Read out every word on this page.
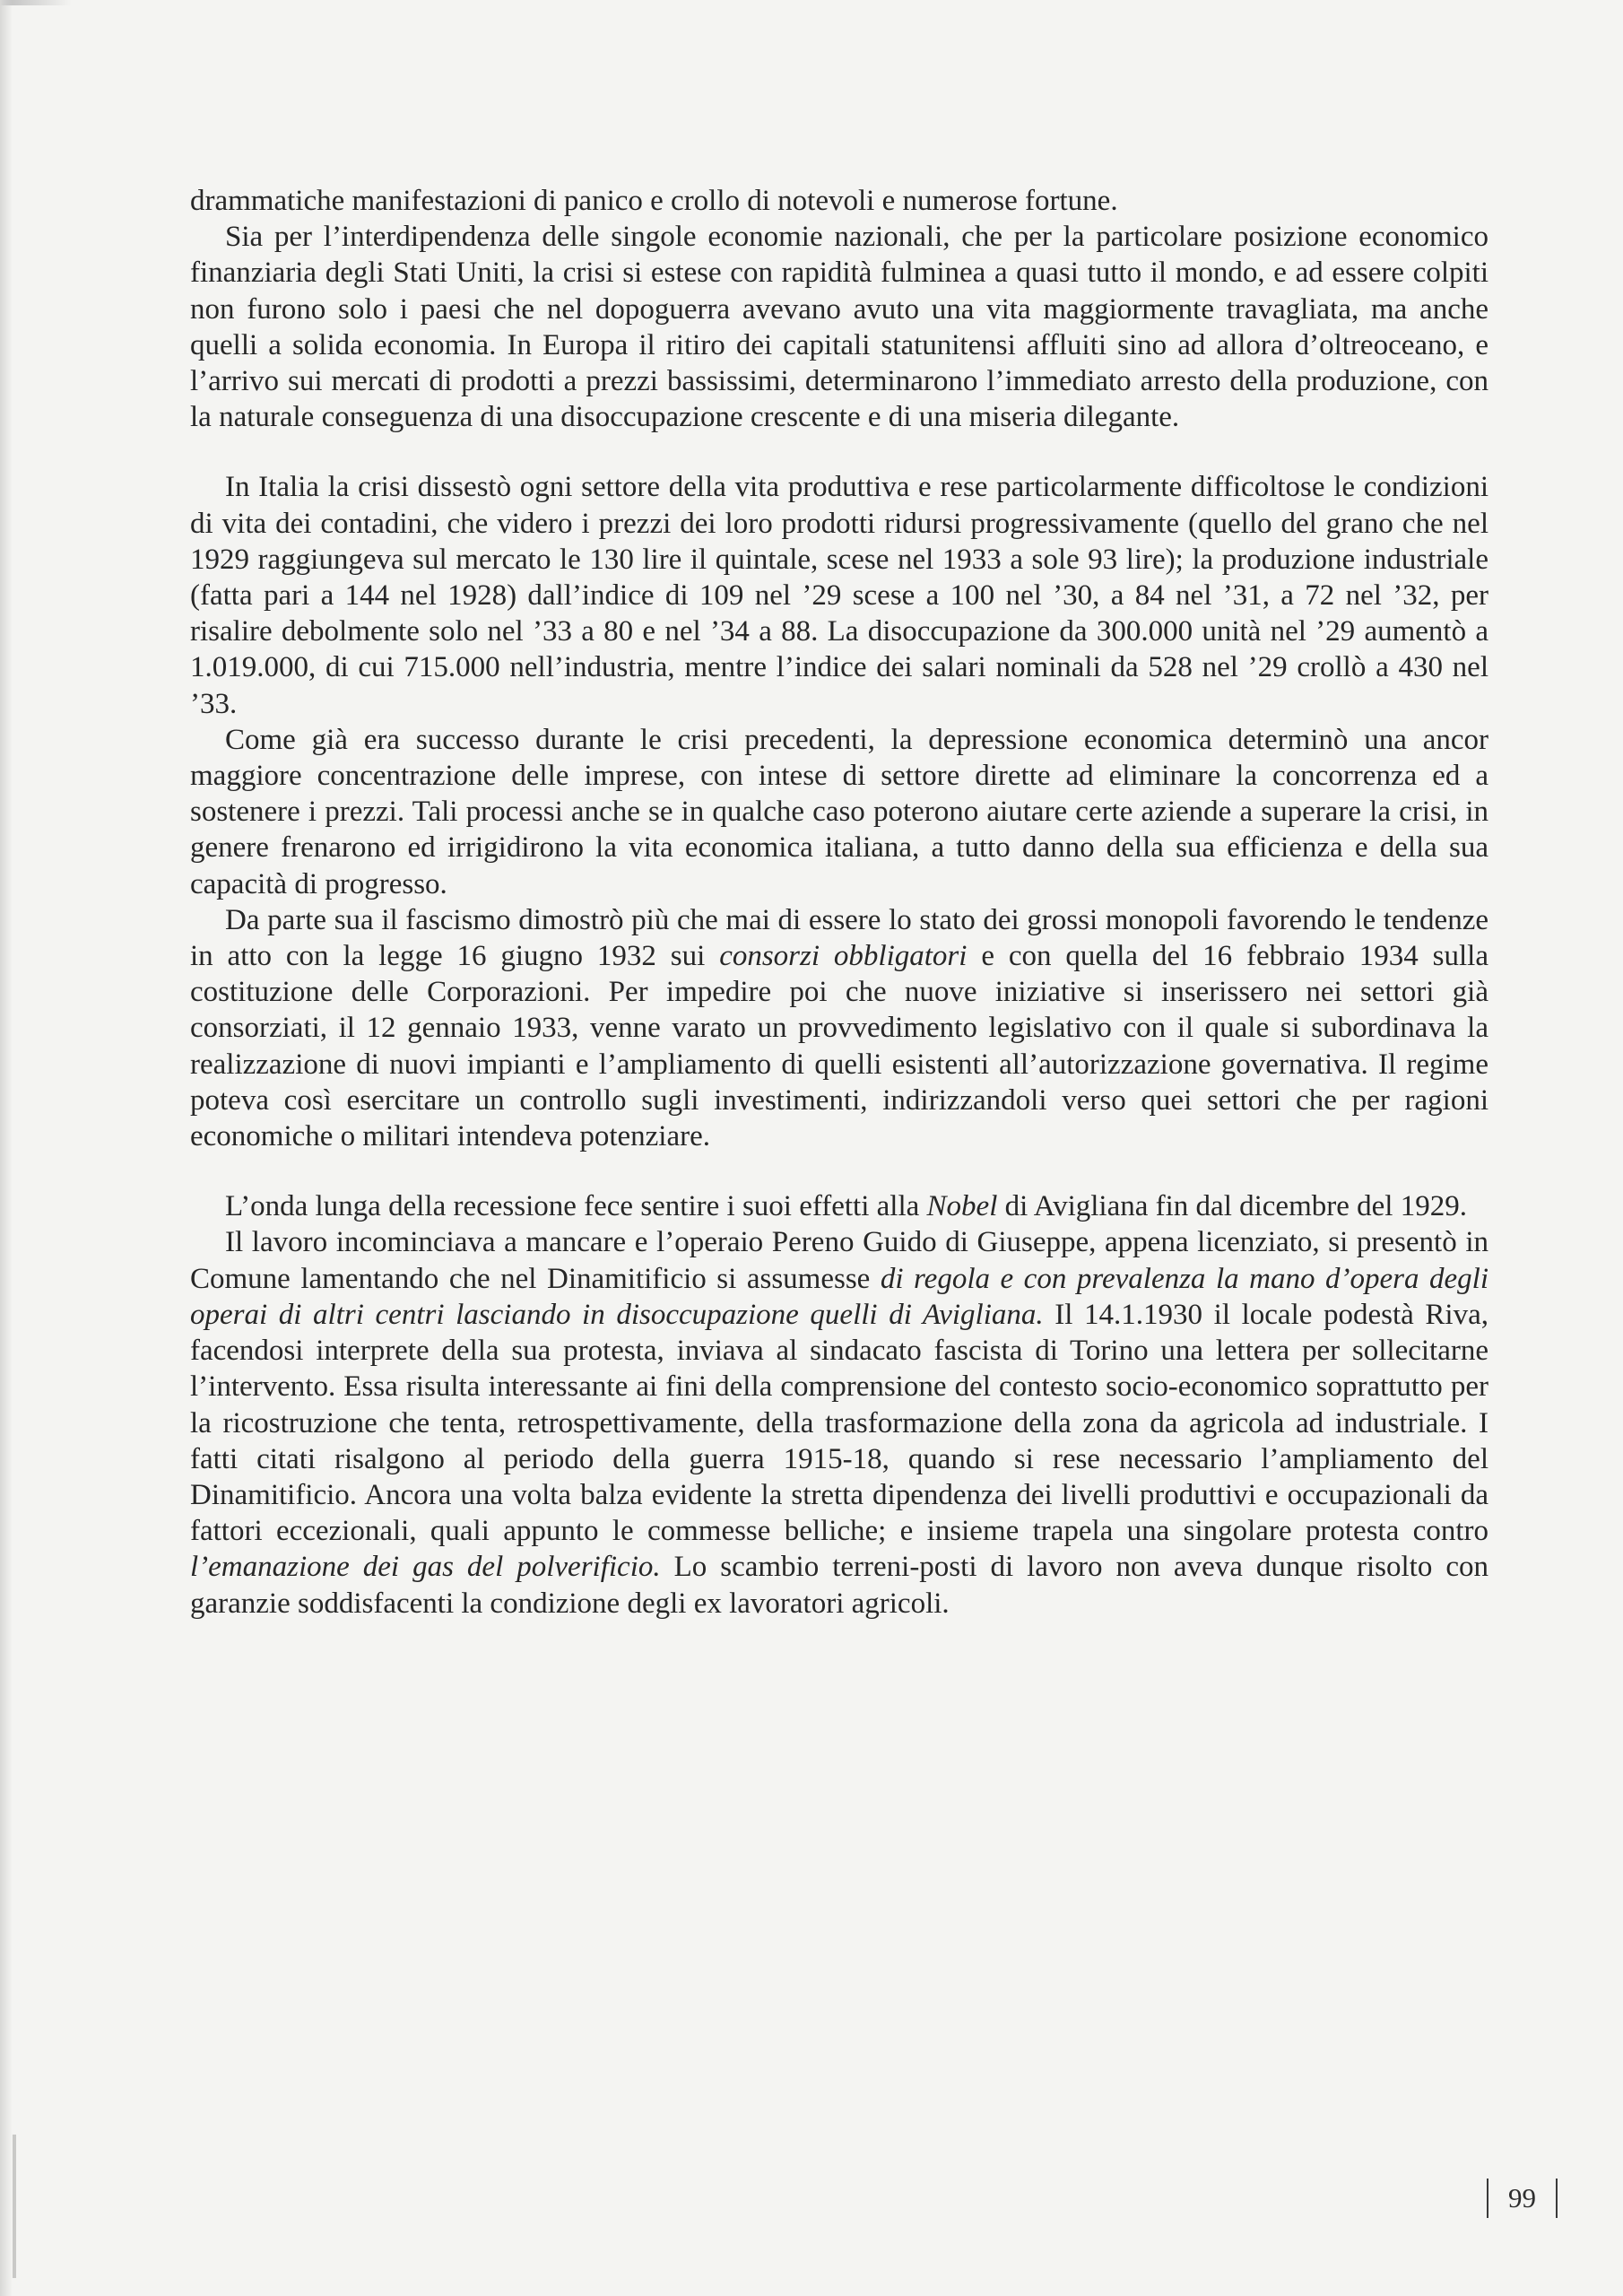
drammatiche manifestazioni di panico e crollo di notevoli e numerose fortune.

Sia per l’interdipendenza delle singole economie nazionali, che per la particolare posizione economico finanziaria degli Stati Uniti, la crisi si estese con rapidità fulminea a quasi tutto il mondo, e ad essere colpiti non furono solo i paesi che nel dopoguerra avevano avuto una vita maggiormente travagliata, ma anche quelli a solida economia. In Europa il ritiro dei capitali statunitensi affluiti sino ad allora d’oltreoceano, e l’arrivo sui mercati di prodotti a prezzi bassissimi, determinarono l’immediato arresto della produzione, con la naturale conseguenza di una disoccupazione crescente e di una miseria dilegante.

In Italia la crisi dissestò ogni settore della vita produttiva e rese particolarmente difficoltose le condizioni di vita dei contadini, che videro i prezzi dei loro prodotti ridursi progressivamente (quello del grano che nel 1929 raggiungeva sul mercato le 130 lire il quintale, scese nel 1933 a sole 93 lire); la produzione industriale (fatta pari a 144 nel 1928) dall’indice di 109 nel ’29 scese a 100 nel ’30, a 84 nel ’31, a 72 nel ’32, per risalire debolmente solo nel ’33 a 80 e nel ’34 a 88. La disoccupazione da 300.000 unità nel ’29 aumentò a 1.019.000, di cui 715.000 nell’industria, mentre l’indice dei salari nominali da 528 nel ’29 crollò a 430 nel ’33.

Come già era successo durante le crisi precedenti, la depressione economica determinò una ancor maggiore concentrazione delle imprese, con intese di settore dirette ad eliminare la concorrenza ed a sostenere i prezzi. Tali processi anche se in qualche caso poterono aiutare certe aziende a superare la crisi, in genere frenarono ed irrigidirono la vita economica italiana, a tutto danno della sua efficienza e della sua capacità di progresso.

Da parte sua il fascismo dimostrò più che mai di essere lo stato dei grossi monopoli favorendo le tendenze in atto con la legge 16 giugno 1932 sui consorzi obbligatori e con quella del 16 febbraio 1934 sulla costituzione delle Corporazioni. Per impedire poi che nuove iniziative si inserissero nei settori già consorziati, il 12 gennaio 1933, venne varato un provvedimento legislativo con il quale si subordinava la realizzazione di nuovi impianti e l’ampliamento di quelli esistenti all’autorizzazione governativa. Il regime poteva così esercitare un controllo sugli investimenti, indirizzandoli verso quei settori che per ragioni economiche o militari intendeva potenziare.

L’onda lunga della recessione fece sentire i suoi effetti alla Nobel di Avigliana fin dal dicembre del 1929.

Il lavoro incominciava a mancare e l’operaio Pereno Guido di Giuseppe, appena licenziato, si presentò in Comune lamentando che nel Dinamitificio si assumesse di regola e con prevalenza la mano d’opera degli operai di altri centri lasciando in disoccupazione quelli di Avigliana. Il 14.1.1930 il locale podestà Riva, facendosi interprete della sua protesta, inviava al sindacato fascista di Torino una lettera per sollecitarne l’intervento. Essa risulta interessante ai fini della comprensione del contesto socio-economico soprattutto per la ricostruzione che tenta, retrospettivamente, della trasformazione della zona da agricola ad industriale. I fatti citati risalgono al periodo della guerra 1915-18, quando si rese necessario l’ampliamento del Dinamitificio. Ancora una volta balza evidente la stretta dipendenza dei livelli produttivi e occupazionali da fattori eccezionali, quali appunto le commesse belliche; e insieme trapela una singolare protesta contro l’emanazione dei gas del polverificio. Lo scambio terreni-posti di lavoro non aveva dunque risolto con garanzie soddisfacenti la condizione degli ex lavoratori agricoli.

99
